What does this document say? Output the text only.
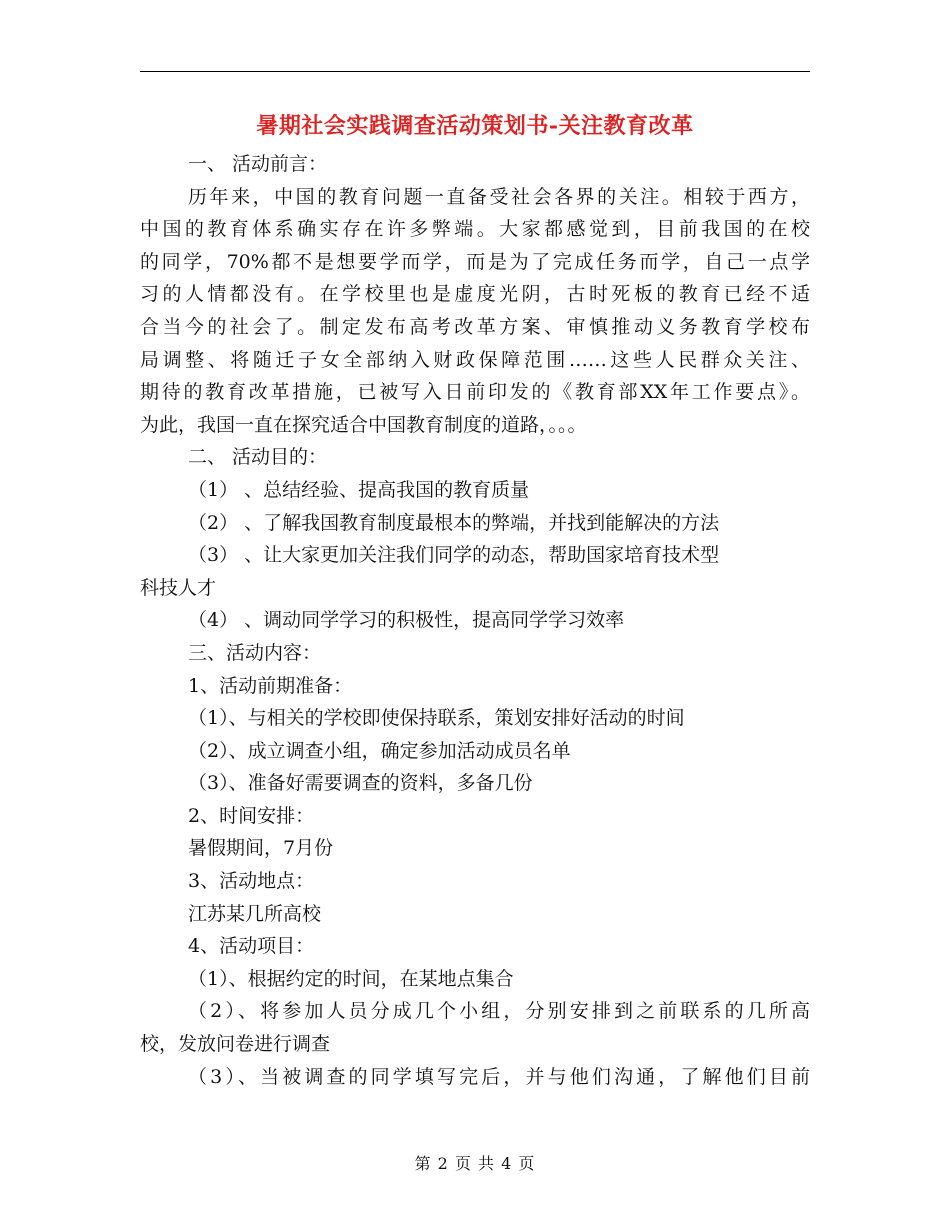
暑期社会实践调查活动策划书-关注教育改革
一、 活动前言：
历年来，中国的教育问题一直备受社会各界的关注。相较于西方，
中国的教育体系确实存在许多弊端。大家都感觉到，目前我国的在校
的同学，70%都不是想要学而学，而是为了完成任务而学，自己一点学
习的人情都没有。在学校里也是虚度光阴，古时死板的教育已经不适
合当今的社会了。制定发布高考改革方案、审慎推动义务教育学校布
局调整、将随迁子女全部纳入财政保障范围……这些人民群众关注、
期待的教育改革措施，已被写入日前印发的《教育部XX年工作要点》。
为此，我国一直在探究适合中国教育制度的道路，。。。
二、 活动目的：
（1） 、总结经验、提高我国的教育质量
（2） 、了解我国教育制度最根本的弊端，并找到能解决的方法
（3） 、让大家更加关注我们同学的动态，帮助国家培育技术型
科技人才
（4） 、调动同学学习的积极性，提高同学学习效率
三、活动内容：
1、活动前期准备：
（1）、与相关的学校即使保持联系，策划安排好活动的时间
（2）、成立调查小组，确定参加活动成员名单
（3）、准备好需要调查的资料，多备几份
2、时间安排：
暑假期间，7月份
3、活动地点：
江苏某几所高校
4、活动项目：
（1）、根据约定的时间，在某地点集合
（2）、将参加人员分成几个小组，分别安排到之前联系的几所高
校，发放问卷进行调查
（3）、当被调查的同学填写完后，并与他们沟通，了解他们目前
第 2 页 共 4 页
